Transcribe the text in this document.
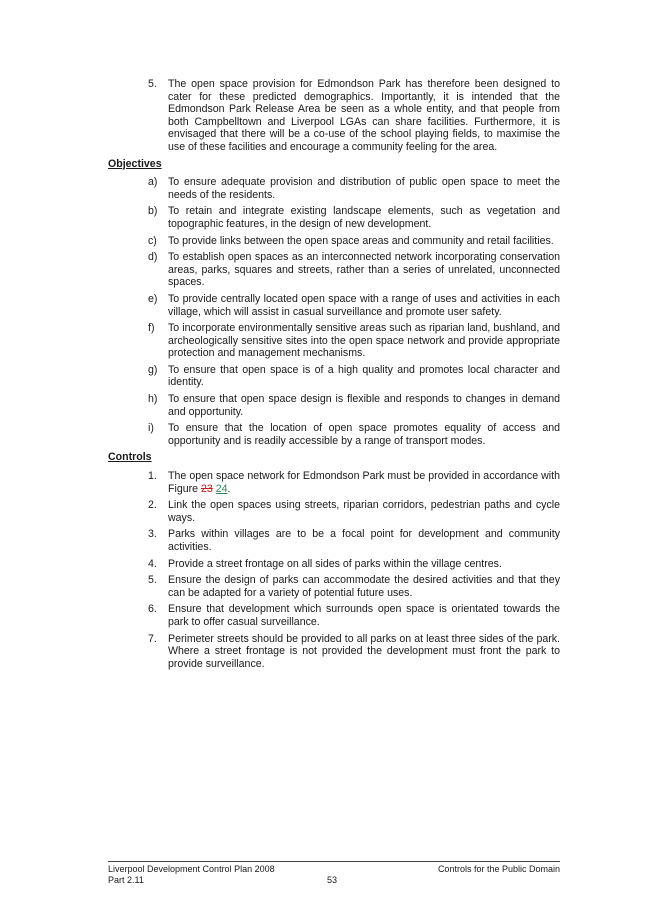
5.	The open space provision for Edmondson Park has therefore been designed to cater for these predicted demographics. Importantly, it is intended that the Edmondson Park Release Area be seen as a whole entity, and that people from both Campbelltown and Liverpool LGAs can share facilities. Furthermore, it is envisaged that there will be a co-use of the school playing fields, to maximise the use of these facilities and encourage a community feeling for the area.
Objectives
a) To ensure adequate provision and distribution of public open space to meet the needs of the residents.
b) To retain and integrate existing landscape elements, such as vegetation and topographic features, in the design of new development.
c)	To provide links between the open space areas and community and retail facilities.
d) To establish open spaces as an interconnected network incorporating conservation areas, parks, squares and streets, rather than a series of unrelated, unconnected spaces.
e) To provide centrally located open space with a range of uses and activities in each village, which will assist in casual surveillance and promote user safety.
f)	To incorporate environmentally sensitive areas such as riparian land, bushland, and archeologically sensitive sites into the open space network and provide appropriate protection and management mechanisms.
g) To ensure that open space is of a high quality and promotes local character and identity.
h) To ensure that open space design is flexible and responds to changes in demand and opportunity.
i)	To ensure that the location of open space promotes equality of access and opportunity and is readily accessible by a range of transport modes.
Controls
1.	The open space network for Edmondson Park must be provided in accordance with Figure 23 24.
2.	Link the open spaces using streets, riparian corridors, pedestrian paths and cycle ways.
3.	Parks within villages are to be a focal point for development and community activities.
4.	Provide a street frontage on all sides of parks within the village centres.
5.	Ensure the design of parks can accommodate the desired activities and that they can be adapted for a variety of potential future uses.
6.	Ensure that development which surrounds open space is orientated towards the park to offer casual surveillance.
7.	Perimeter streets should be provided to all parks on at least three sides of the park. Where a street frontage is not provided the development must front the park to provide surveillance.
Liverpool Development Control Plan 2008	Controls for the Public Domain
Part 2.11	53
